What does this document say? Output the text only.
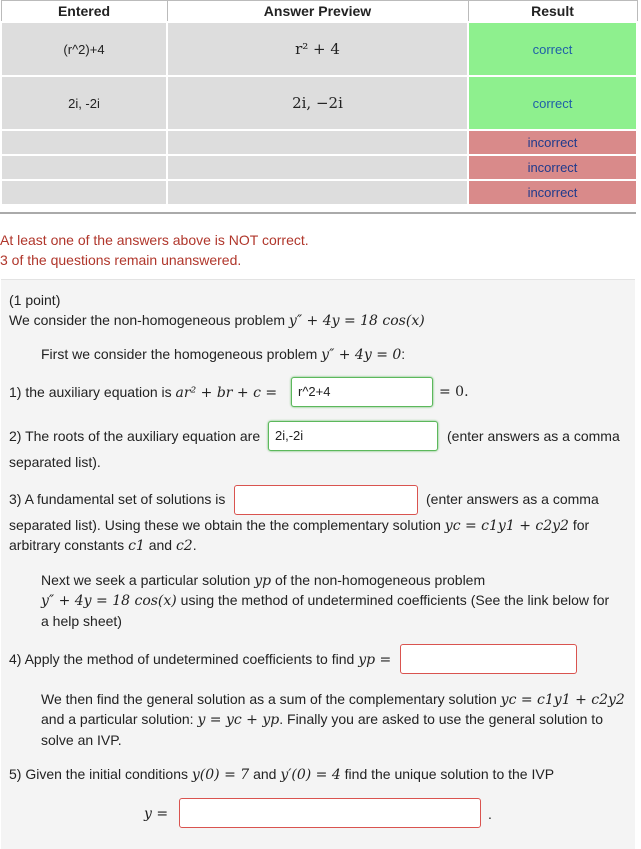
Entered	Answer Preview	Result
(r^2)+4	r² + 4	correct
2i, -2i	2i, −2i	correct
		incorrect
		incorrect
		incorrect
At least one of the answers above is NOT correct.
3 of the questions remain unanswered.
(1 point)
We consider the non-homogeneous problem y″ + 4y = 18 cos(x)
First we consider the homogeneous problem y″ + 4y = 0:
1) the auxiliary equation is ar² + br + c =	r^2+4	= 0.
2) The roots of the auxiliary equation are	2i,-2i	(enter answers as a comma
separated list).
3) A fundamental set of solutions is	(enter answers as a comma
separated list). Using these we obtain the the complementary solution yc = c1y1 + c2y2 for
arbitrary constants c1 and c2.
Next we seek a particular solution yp of the non-homogeneous problem
y″ + 4y = 18 cos(x) using the method of undetermined coefficients (See the link below for
a help sheet)
4) Apply the method of undetermined coefficients to find yp =
We then find the general solution as a sum of the complementary solution yc = c1y1 + c2y2
and a particular solution: y = yc + yp. Finally you are asked to use the general solution to
solve an IVP.
5) Given the initial conditions y(0) = 7 and y′(0) = 4 find the unique solution to the IVP
y =	.
